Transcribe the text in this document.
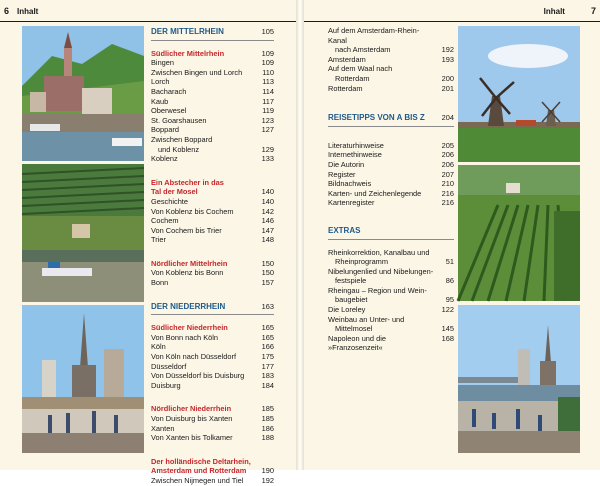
6 Inhalt
DER MITTELRHEIN	105
Südlicher Mittelrhein	109
Bingen	109
Zwischen Bingen und Lorch	110
Lorch	113
Bacharach	114
Kaub	117
Oberwesel	119
St. Goarshausen	123
Boppard	127
Zwischen Boppard
und Koblenz	129
Koblenz	133
Ein Abstecher in das
Tal der Mosel	140
Geschichte	140
Von Koblenz bis Cochem	142
Cochem	146
Von Cochem bis Trier	147
Trier	148
Nördlicher Mittelrhein	150
Von Koblenz bis Bonn	150
Bonn	157
DER NIEDERRHEIN	163
Südlicher Niederrhein	165
Von Bonn nach Köln	165
Köln	166
Von Köln nach Düsseldorf	175
Düsseldorf	177
Von Düsseldorf bis Duisburg	183
Duisburg	184
Nördlicher Niederrhein	185
Von Duisburg bis Xanten	185
Xanten	186
Von Xanten bis Tolkamer	188
Der holländische Deltarhein,
Amsterdam und Rotterdam	190
Zwischen Nijmegen und Tiel	192
Inhalt	7
Auf dem Amsterdam-Rhein-Kanal
nach Amsterdam	192
Amsterdam	193
Auf dem Waal nach
Rotterdam	200
Rotterdam	201
REISETIPPS VON A BIS Z 204
Literaturhinweise	205
Internethinweise	206
Die Autorin	206
Register	207
Bildnachweis	210
Karten- und Zeichenlegende	216
Kartenregister	216
EXTRAS
Rheinkorrektion, Kanalbau und
Rheinprogramm	51
Nibelungenlied und Nibelungen-
festspiele	86
Rheingau – Region und Wein-
baugebiet	95
Die Loreley	122
Weinbau an Unter- und
Mittelmosel	145
Napoleon und die »Franzosenzeit«
168
